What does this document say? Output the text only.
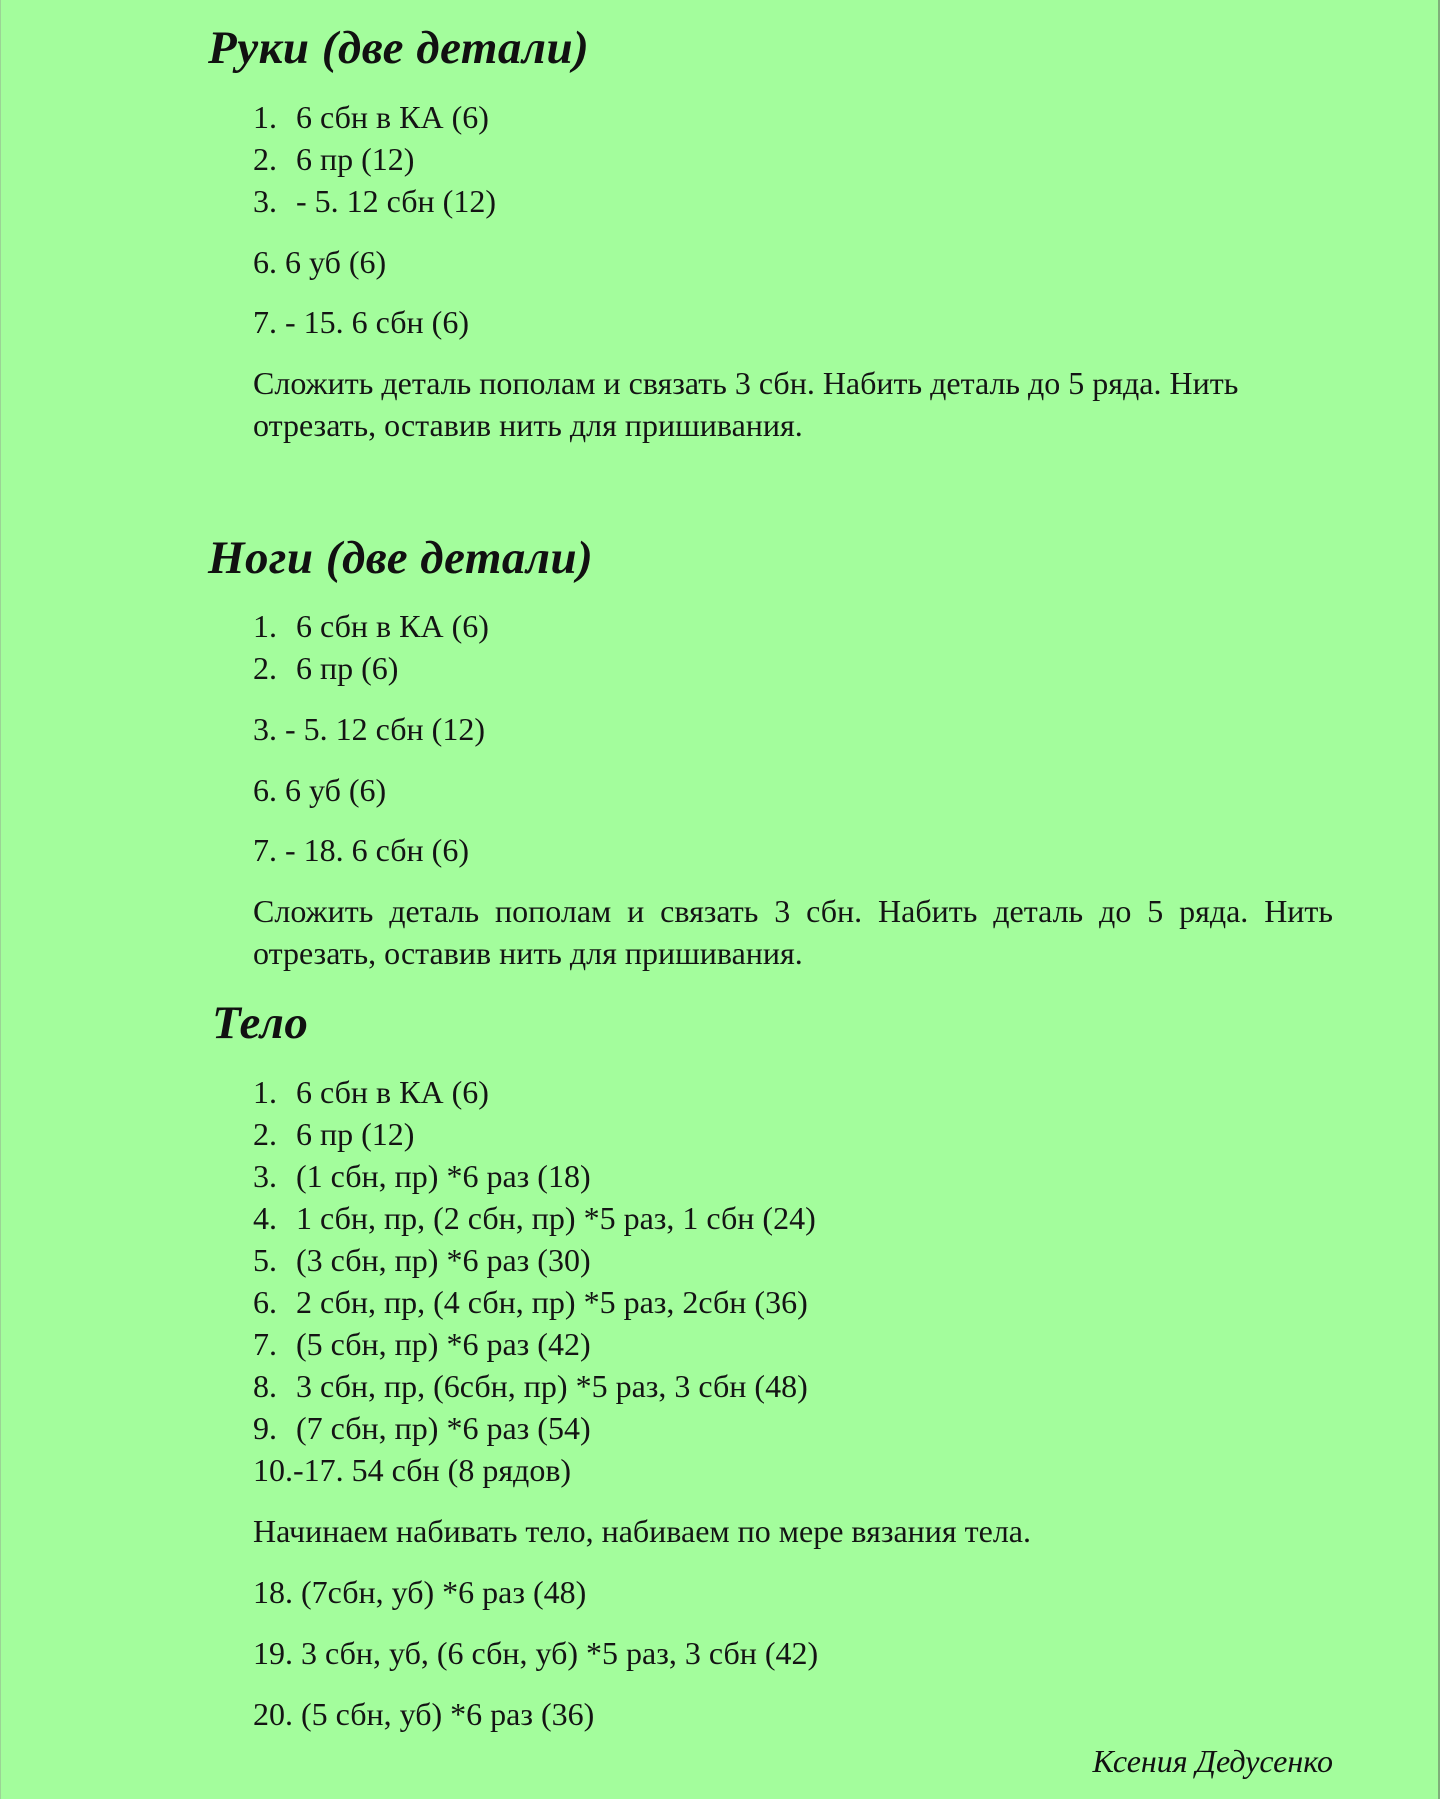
Руки (две детали)
1. 6 сбн в КА (6)
2. 6 пр (12)
3. - 5. 12 сбн (12)
6. 6 уб (6)
7. - 15. 6 сбн (6)
Сложить деталь пополам и связать 3 сбн. Набить деталь до 5 ряда. Нить отрезать, оставив нить для пришивания.
Ноги (две детали)
1. 6 сбн в КА (6)
2. 6 пр (6)
3. - 5. 12 сбн (12)
6. 6 уб (6)
7. - 18. 6 сбн (6)
Сложить деталь пополам и связать 3 сбн. Набить деталь до 5 ряда. Нить отрезать, оставив нить для пришивания.
Тело
1. 6 сбн в КА (6)
2. 6 пр (12)
3. (1 сбн, пр) *6 раз (18)
4. 1 сбн, пр, (2 сбн, пр) *5 раз, 1 сбн (24)
5. (3 сбн, пр) *6 раз (30)
6. 2 сбн, пр, (4 сбн, пр) *5 раз, 2сбн (36)
7. (5 сбн, пр) *6 раз (42)
8. 3 сбн, пр, (6сбн, пр) *5 раз, 3 сбн (48)
9. (7 сбн, пр) *6 раз (54)
10.-17. 54 сбн (8 рядов)
Начинаем набивать тело, набиваем по мере вязания тела.
18. (7сбн, уб) *6 раз (48)
19. 3 сбн, уб, (6 сбн, уб) *5 раз, 3 сбн (42)
20. (5 сбн, уб) *6 раз (36)
Ксения Дедусенко
